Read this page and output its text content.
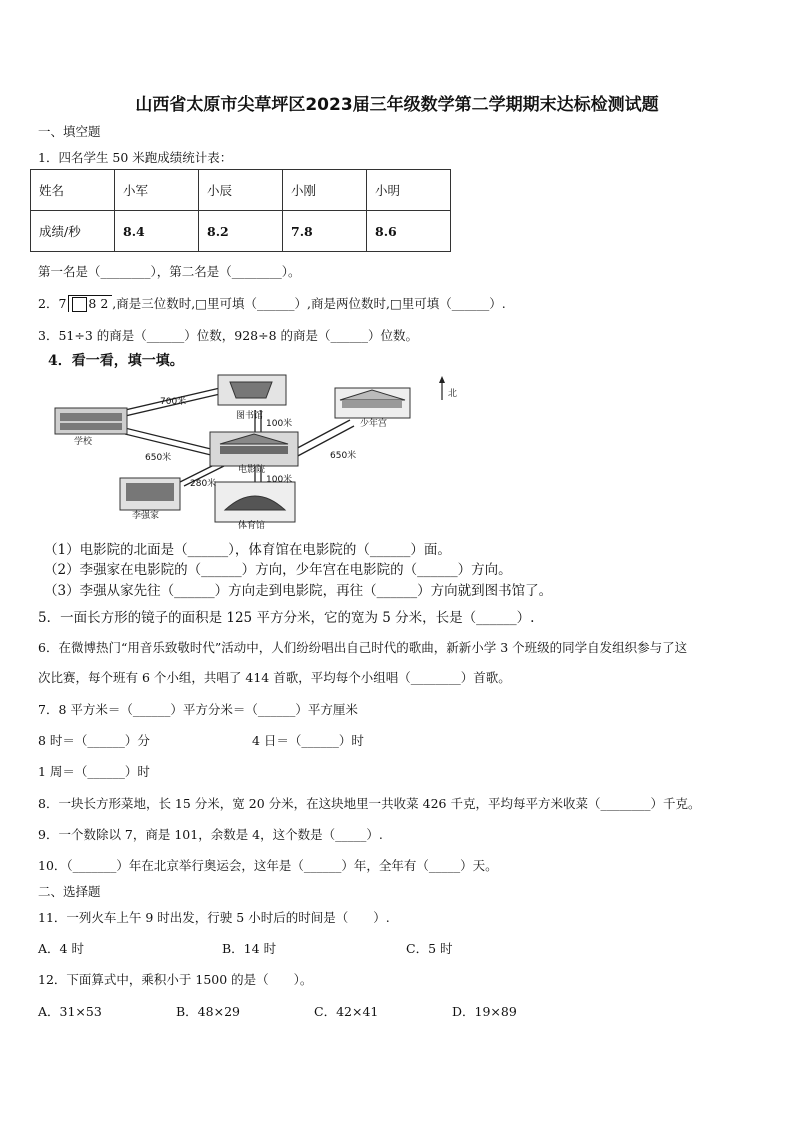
山西省太原市尖草坪区2023届三年级数学第二学期期末达标检测试题
一、填空题
1．四名学生 50 米跑成绩统计表：
姓名	小军	小辰	小刚	小明
成绩/秒	8.4	8.2	7.8	8.6
第一名是（________），第二名是（________）。
2．7 8 2 ,商是三位数时,□里可填（______）,商是两位数时,□里可填（______）.
3．51÷3 的商是（______）位数，928÷8 的商是（______）位数。
4．看一看，填一填。
学校
图书馆
少年宫
电影院
体育馆
李强家
700米
100米
650米	650米
280米	100米
北
（1）电影院的北面是（______），体育馆在电影院的（______）面。
（2）李强家在电影院的（______）方向，少年宫在电影院的（______）方向。
（3）李强从家先往（______）方向走到电影院，再往（______）方向就到图书馆了。
5．一面长方形的镜子的面积是 125 平方分米，它的宽为 5 分米，长是（______）.
6．在微博热门“用音乐致敬时代”活动中，人们纷纷唱出自己时代的歌曲，新新小学 3 个班级的同学自发组织参与了这
次比赛，每个班有 6 个小组，共唱了 414 首歌，平均每个小组唱（________）首歌。
7．8 平方米＝（______）平方分米＝（______）平方厘米
8 时＝（______）分	4 日＝（______）时
1 周＝（______）时
8．一块长方形菜地，长 15 分米，宽 20 分米，在这块地里一共收菜 426 千克，平均每平方米收菜（________）千克。
9．一个数除以 7，商是 101，余数是 4，这个数是（_____）.
10．（_______）年在北京举行奥运会，这年是（______）年，全年有（_____）天。
二、选择题
11．一列火车上午 9 时出发，行驶 5 小时后的时间是（　　）.
A．4 时	B．14 时	C．5 时
12．下面算式中，乘积小于 1500 的是（　　）。
A．31×53	B．48×29	C．42×41	D．19×89
